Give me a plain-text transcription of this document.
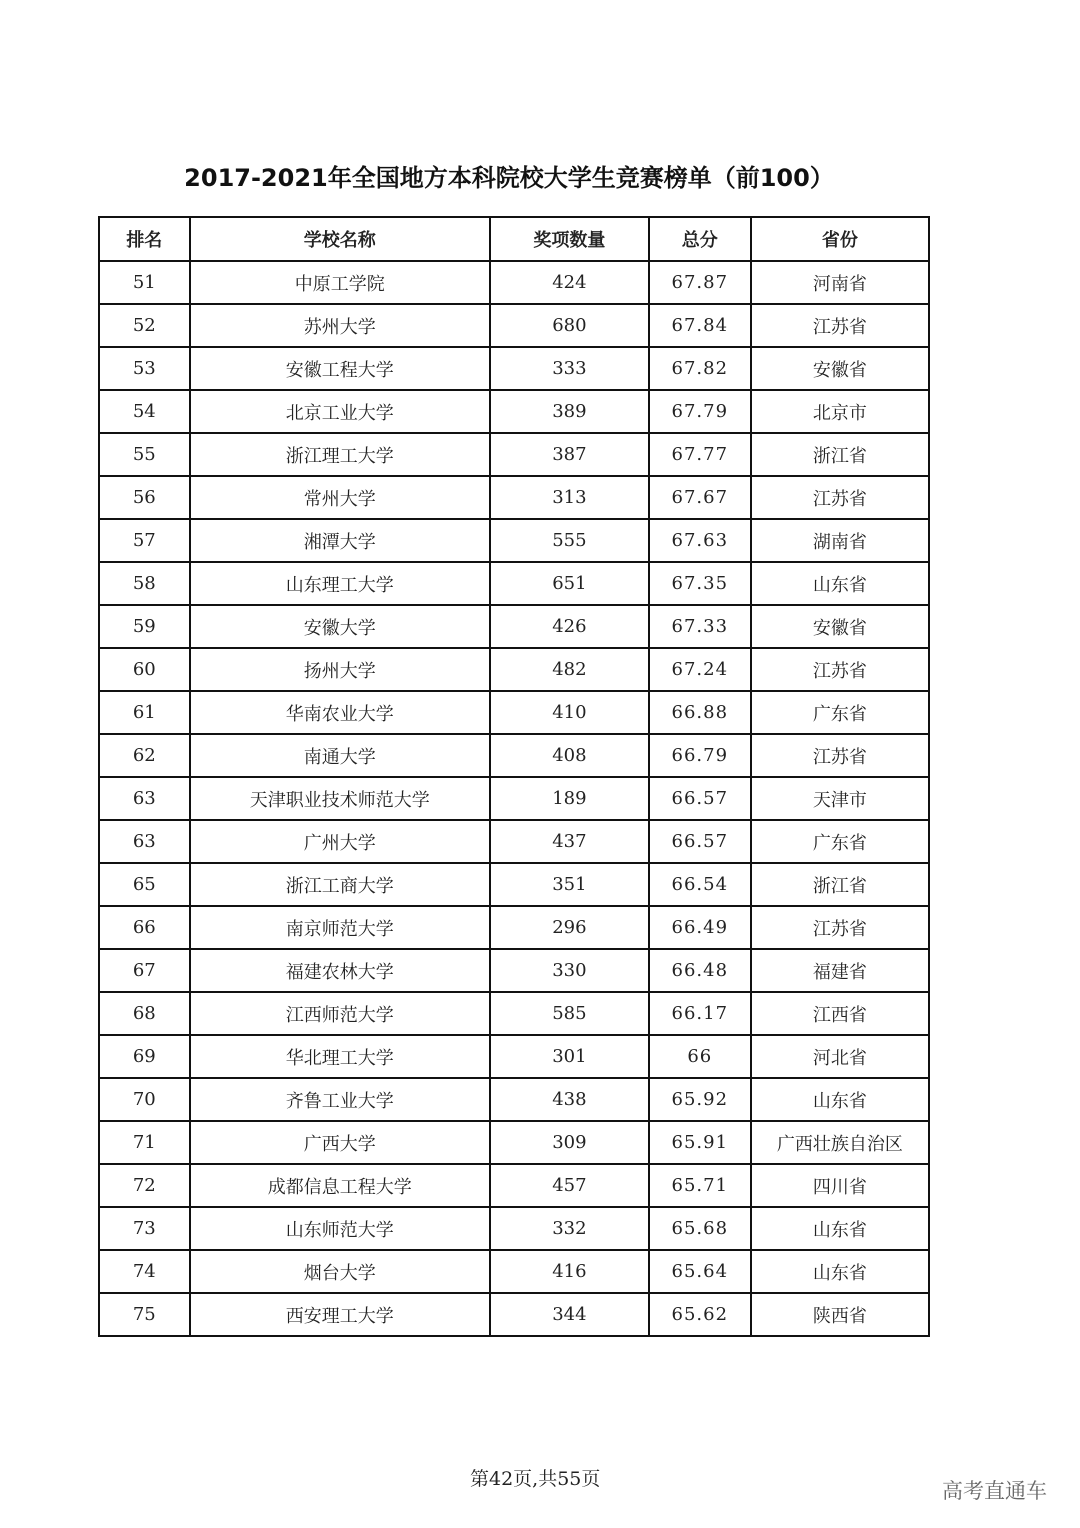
2017-2021年全国地方本科院校大学生竞赛榜单（前100）
排名	学校名称	奖项数量	总分	省份
51	中原工学院	424	67.87	河南省
52	苏州大学	680	67.84	江苏省
53	安徽工程大学	333	67.82	安徽省
54	北京工业大学	389	67.79	北京市
55	浙江理工大学	387	67.77	浙江省
56	常州大学	313	67.67	江苏省
57	湘潭大学	555	67.63	湖南省
58	山东理工大学	651	67.35	山东省
59	安徽大学	426	67.33	安徽省
60	扬州大学	482	67.24	江苏省
61	华南农业大学	410	66.88	广东省
62	南通大学	408	66.79	江苏省
63	天津职业技术师范大学	189	66.57	天津市
63	广州大学	437	66.57	广东省
65	浙江工商大学	351	66.54	浙江省
66	南京师范大学	296	66.49	江苏省
67	福建农林大学	330	66.48	福建省
68	江西师范大学	585	66.17	江西省
69	华北理工大学	301	66	河北省
70	齐鲁工业大学	438	65.92	山东省
71	广西大学	309	65.91	广西壮族自治区
72	成都信息工程大学	457	65.71	四川省
73	山东师范大学	332	65.68	山东省
74	烟台大学	416	65.64	山东省
75	西安理工大学	344	65.62	陕西省
第42页,共55页	高考直通车
